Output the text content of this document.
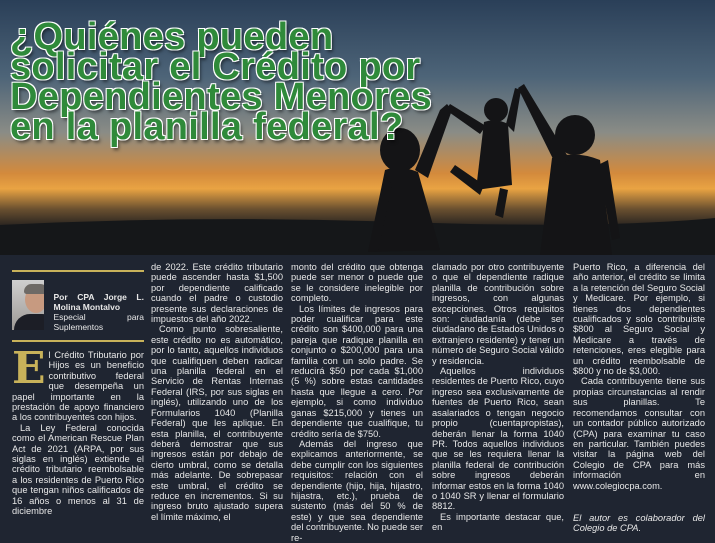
¿Quiénes pueden solicitar el Crédito por Dependientes Menores en la planilla federal?
Por CPA Jorge L. Molina Montalvo
Especial para Suplementos

El Crédito Tributario por Hijos es un beneficio contributivo federal que desempeña un papel importante en la prestación de apoyo financiero a los contribuyentes con hijos.

La Ley Federal conocida como el American Rescue Plan Act de 2021 (ARPA, por sus siglas en inglés) extiende el crédito tributario reembolsable a los residentes de Puerto Rico que tengan niños calificados de 16 años o menos al 31 de diciembre

de 2022. Este crédito tributario puede ascender hasta $1,500 por dependiente calificado cuando el padre o custodio presente sus declaraciones de impuestos del año 2022.

Como punto sobresaliente, este crédito no es automático, por lo tanto, aquellos individuos que cualifiquen deben radicar una planilla federal en el Servicio de Rentas Internas Federal (IRS, por sus siglas en inglés), utilizando uno de los Formularios 1040 (Planilla Federal) que les aplique. En esta planilla, el contribuyente deberá demostrar que sus ingresos están por debajo de cierto umbral, como se detalla más adelante. De sobrepasar este umbral, el crédito se reduce en incrementos. Si su ingreso bruto ajustado supera el límite máximo, el

monto del crédito que obtenga puede ser menor o puede que se le considere inelegible por completo.

Los límites de ingresos para poder cualificar para este crédito son $400,000 para una pareja que radique planilla en conjunto o $200,000 para una familia con un solo padre. Se reducirá $50 por cada $1,000 (5 %) sobre estas cantidades hasta que llegue a cero. Por ejemplo, si como individuo ganas $215,000 y tienes un dependiente que cualifique, tu crédito sería de $750.

Además del ingreso que explicamos anteriormente, se debe cumplir con los siguientes requisitos: relación con el dependiente (hijo, hija, hijastro, hijastra, etc.), prueba de sustento (más del 50 % de este) y que sea dependiente del contribuyente. No puede ser re-

clamado por otro contribuyente o que el dependiente radique planilla de contribución sobre ingresos, con algunas excepciones. Otros requisitos son: ciudadanía (debe ser ciudadano de Estados Unidos o extranjero residente) y tener un número de Seguro Social válido y residencia.

Aquellos individuos residentes de Puerto Rico, cuyo ingreso sea exclusivamente de fuentes de Puerto Rico, sean asalariados o tengan negocio propio (cuentapropistas), deberán llenar la forma 1040 PR. Todos aquellos individuos que se les requiera llenar la planilla federal de contribución sobre ingresos deberán informar estos en la forma 1040 o 1040 SR y llenar el formulario 8812.

Es importante destacar que, en

Puerto Rico, a diferencia del año anterior, el crédito se limita a la retención del Seguro Social y Medicare. Por ejemplo, si tienes dos dependientes cualificados y solo contribuiste $800 al Seguro Social y Medicare a través de retenciones, eres elegible para un crédito reembolsable de $800 y no de $3,000.

Cada contribuyente tiene sus propias circunstancias al rendir sus planillas. Te recomendamos consultar con un contador público autorizado (CPA) para examinar tu caso en particular. También puedes visitar la página web del Colegio de CPA para más información en www.colegiocpa.com.

El autor es colaborador del Colegio de CPA.
